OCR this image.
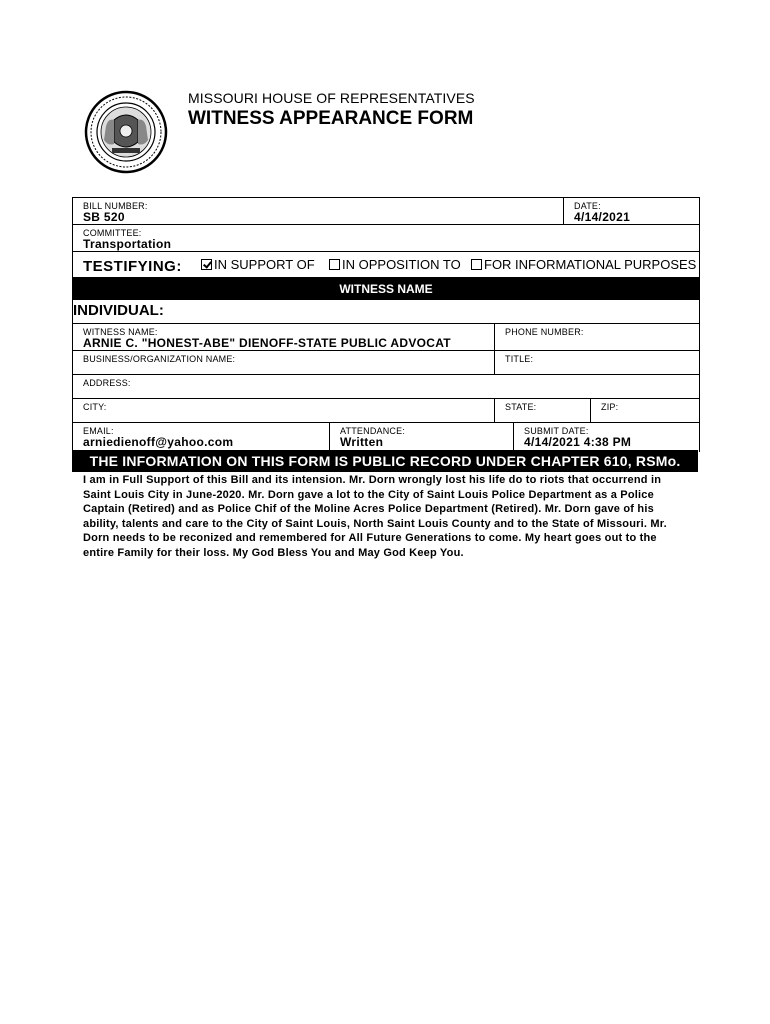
MISSOURI HOUSE OF REPRESENTATIVES
WITNESS APPEARANCE FORM
BILL NUMBER:
SB 520
DATE:
4/14/2021
COMMITTEE:
Transportation
TESTIFYING: IN SUPPORT OF IN OPPOSITION TO FOR INFORMATIONAL PURPOSES
WITNESS NAME
INDIVIDUAL:
WITNESS NAME:
ARNIE C. "HONEST-ABE" DIENOFF-STATE PUBLIC ADVOCAT
PHONE NUMBER:
BUSINESS/ORGANIZATION NAME:	TITLE:
ADDRESS:
CITY:	STATE:	ZIP:
EMAIL:
arniedienoff@yahoo.com
ATTENDANCE:
Written
SUBMIT DATE:
4/14/2021 4:38 PM
THE INFORMATION ON THIS FORM IS PUBLIC RECORD UNDER CHAPTER 610, RSMo.
I am in Full Support of this Bill and its intension. Mr. Dorn wrongly lost his life do to riots that occurrend in Saint Louis City in June-2020. Mr. Dorn gave a lot to the City of Saint Louis Police Department as a Police Captain (Retired) and as Police Chif of the Moline Acres Police Department (Retired). Mr. Dorn gave of his ability, talents and care to the City of Saint Louis, North Saint Louis County and to the State of Missouri. Mr. Dorn needs to be reconized and remembered for All Future Generations to come. My heart goes out to the entire Family for their loss. My God Bless You and May God Keep You.
